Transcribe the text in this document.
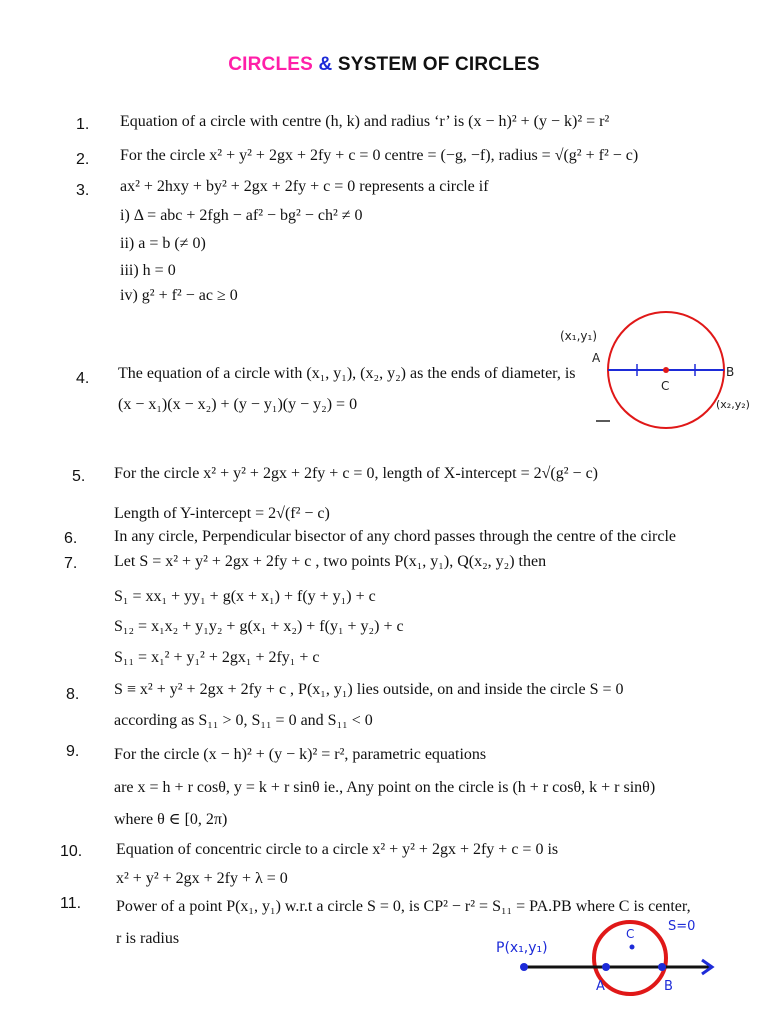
CIRCLES & SYSTEM OF CIRCLES
1. Equation of a circle with centre (h, k) and radius ‘r’ is (x − h)² + (y − k)² = r²
2. For the circle x² + y² + 2gx + 2fy + c = 0 centre = (−g, −f), radius = √(g² + f² − c)
3. ax² + 2hxy + by² + 2gx + 2fy + c = 0 represents a circle if
i) Δ = abc + 2fgh − af² − bg² − ch² ≠ 0
ii) a = b (≠ 0)
iii) h = 0
iv) g² + f² − ac ≥ 0
4. The equation of a circle with (x₁, y₁), (x₂, y₂) as the ends of diameter, is
(x − x₁)(x − x₂) + (y − y₁)(y − y₂) = 0
(x₁,y₁)
A
B
C
(x₂,y₂)
5. For the circle x² + y² + 2gx + 2fy + c = 0, length of X-intercept = 2√(g² − c)
Length of Y-intercept = 2√(f² − c)
6. In any circle, Perpendicular bisector of any chord passes through the centre of the circle
7. Let S = x² + y² + 2gx + 2fy + c , two points P(x₁, y₁), Q(x₂, y₂) then
S₁ = xx₁ + yy₁ + g(x + x₁) + f(y + y₁) + c
S₁₂ = x₁x₂ + y₁y₂ + g(x₁ + x₂) + f(y₁ + y₂) + c
S₁₁ = x₁² + y₁² + 2gx₁ + 2fy₁ + c
8. S ≡ x² + y² + 2gx + 2fy + c , P(x₁, y₁) lies outside, on and inside the circle S = 0
according as S₁₁ > 0, S₁₁ = 0 and S₁₁ < 0
9. For the circle (x − h)² + (y − k)² = r², parametric equations
are x = h + r cosθ, y = k + r sinθ ie., Any point on the circle is (h + r cosθ, k + r sinθ)
where θ ∈ [0, 2π)
10. Equation of concentric circle to a circle x² + y² + 2gx + 2fy + c = 0 is
x² + y² + 2gx + 2fy + λ = 0
11. Power of a point P(x₁, y₁) w.r.t a circle S = 0, is CP² − r² = S₁₁ = PA.PB where C is center,
r is radius
P(x₁,y₁)
C	S=0
A	B
